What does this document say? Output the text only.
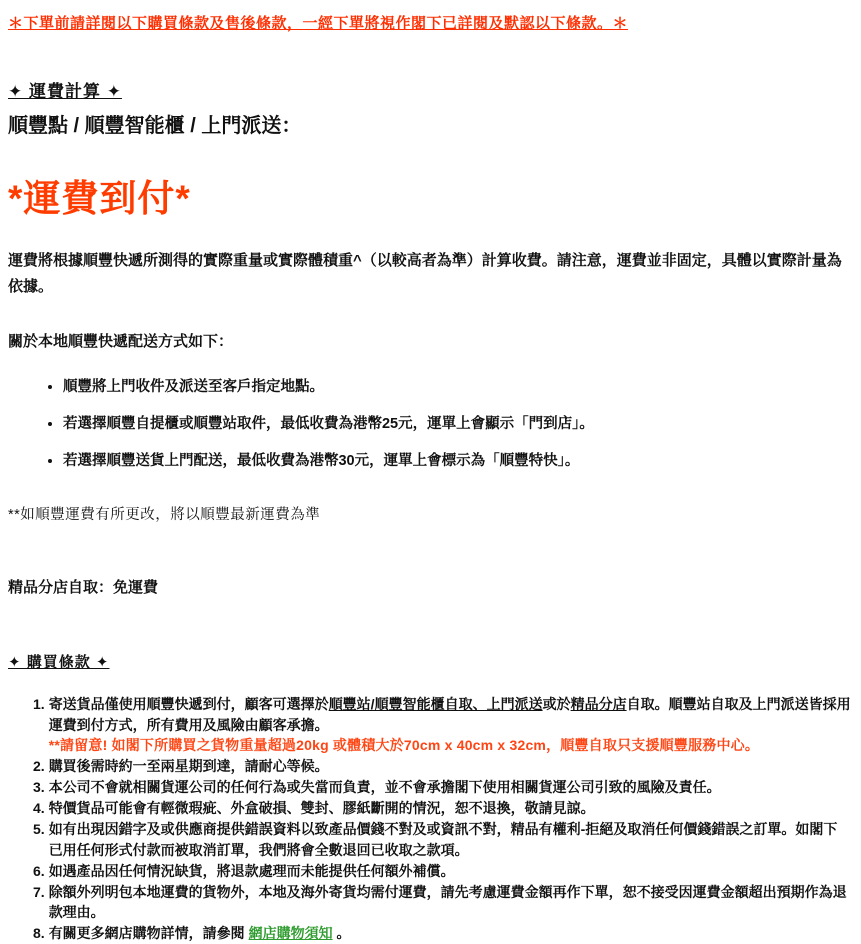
＊下單前請詳閱以下購買條款及售後條款，一經下單將視作閣下已詳閱及默認以下條款。＊
✦ 運費計算 ✦
順豐點 / 順豐智能櫃 / 上門派送：
*運費到付*
運費將根據順豐快遞所測得的實際重量或實際體積重^（以較高者為準）計算收費。請注意，運費並非固定，具體以實際計量為依據。
關於本地順豐快遞配送方式如下：
• 順豐將上門收件及派送至客戶指定地點。
• 若選擇順豐自提櫃或順豐站取件，最低收費為港幣25元，運單上會顯示「門到店」。
• 若選擇順豐送貨上門配送，最低收費為港幣30元，運單上會標示為「順豐特快」。
**如順豐運費有所更改，將以順豐最新運費為準
精品分店自取：免運費
✦ 購買條款 ✦
1. 寄送貨品僅使用順豐快遞到付，顧客可選擇於順豐站/順豐智能櫃自取、上門派送或於精品分店自取。順豐站自取及上門派送皆採用運費到付方式，所有費用及風險由顧客承擔。
**請留意! 如閣下所購買之貨物重量超過20kg 或體積大於70cm x 40cm x 32cm，順豐自取只支援順豐服務中心。
2. 購買後需時約一至兩星期到達，請耐心等候。
3. 本公司不會就相關貨運公司的任何行為或失當而負責，並不會承擔閣下使用相關貨運公司引致的風險及責任。
4. 特價貨品可能會有輕微瑕疵、外盒破損、雙封、膠紙斷開的情況，恕不退換，敬請見諒。
5. 如有出現因錯字及或供應商提供錯誤資料以致產品價錢不對及或資訊不對，精品有權利-拒絕及取消任何價錢錯誤之訂單。如閣下已用任何形式付款而被取消訂單，我們將會全數退回已收取之款項。
6. 如遇產品因任何情況缺貨，將退款處理而未能提供任何額外補償。
7. 除額外列明包本地運費的貨物外，本地及海外寄貨均需付運費，請先考慮運費金額再作下單，恕不接受因運費金額超出預期作為退款理由。
8. 有關更多網店購物詳情，請參閱 網店購物須知 。
